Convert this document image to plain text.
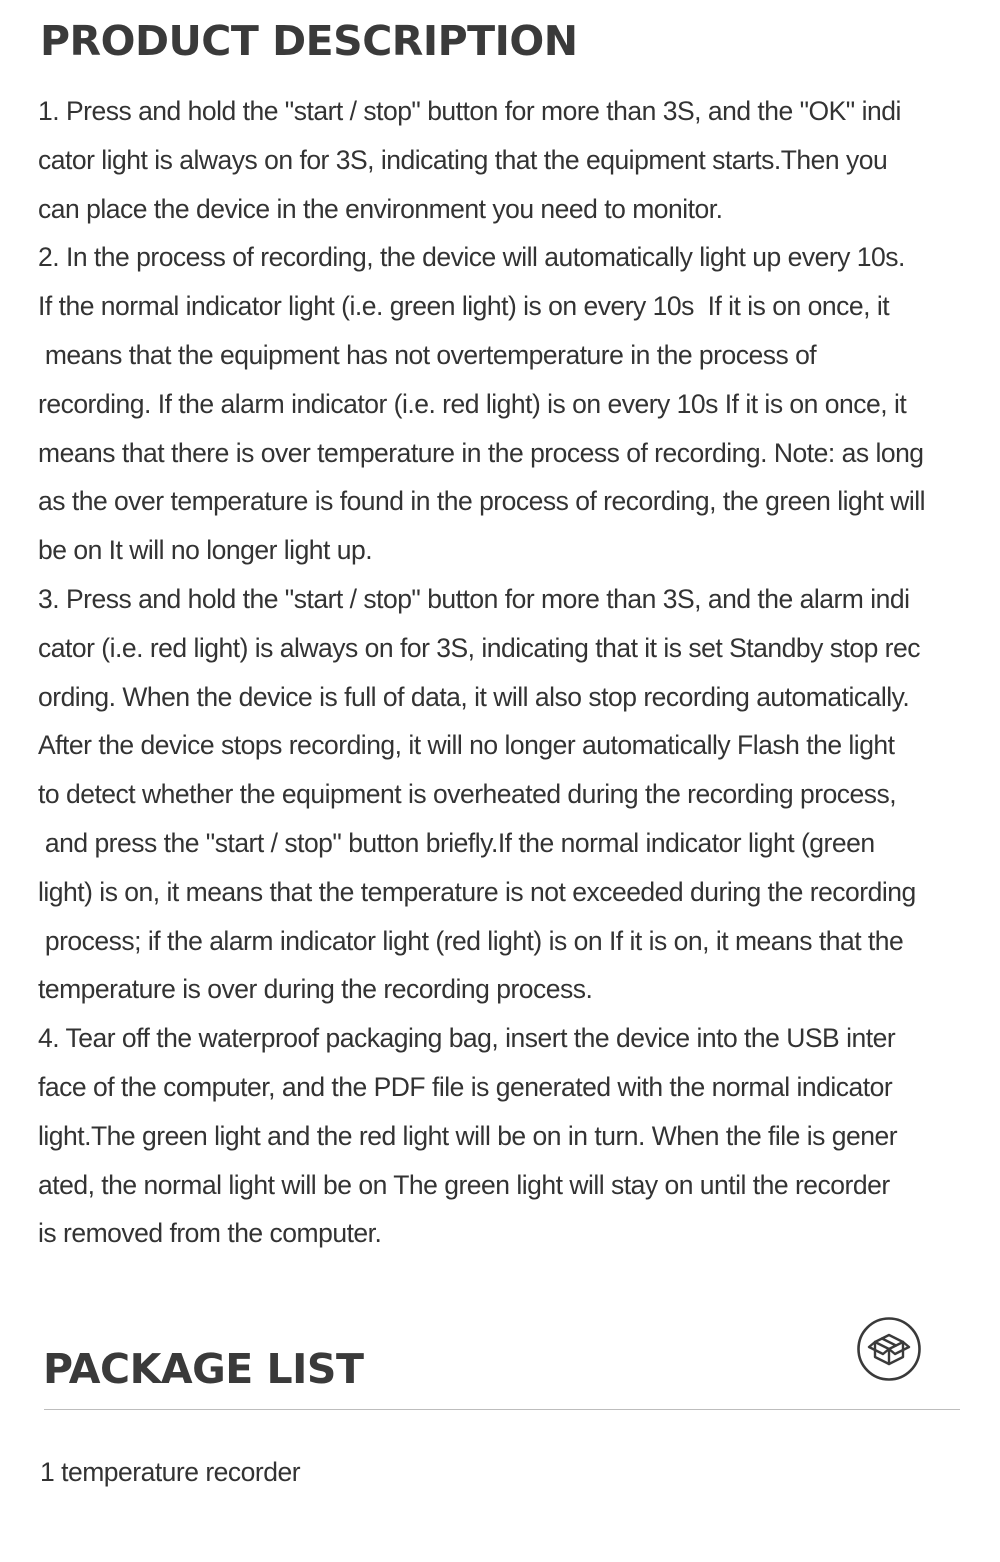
PRODUCT DESCRIPTION
1. Press and hold the "start / stop" button for more than 3S, and the "OK" indi
cator light is always on for 3S, indicating that the equipment starts.Then you
can place the device in the environment you need to monitor.
2. In the process of recording, the device will automatically light up every 10s.
If the normal indicator light (i.e. green light) is on every 10s  If it is on once, it
means that the equipment has not overtemperature in the process of
recording. If the alarm indicator (i.e. red light) is on every 10s If it is on once, it
means that there is over temperature in the process of recording. Note: as long
as the over temperature is found in the process of recording, the green light will
be on It will no longer light up.
3. Press and hold the "start / stop" button for more than 3S, and the alarm indi
cator (i.e. red light) is always on for 3S, indicating that it is set Standby stop rec
ording. When the device is full of data, it will also stop recording automatically.
After the device stops recording, it will no longer automatically Flash the light
to detect whether the equipment is overheated during the recording process,
and press the "start / stop" button briefly.If the normal indicator light (green
light) is on, it means that the temperature is not exceeded during the recording
process; if the alarm indicator light (red light) is on If it is on, it means that the
temperature is over during the recording process.
4. Tear off the waterproof packaging bag, insert the device into the USB inter
face of the computer, and the PDF file is generated with the normal indicator
light.The green light and the red light will be on in turn. When the file is gener
ated, the normal light will be on The green light will stay on until the recorder
is removed from the computer.
PACKAGE LIST
1 temperature recorder
